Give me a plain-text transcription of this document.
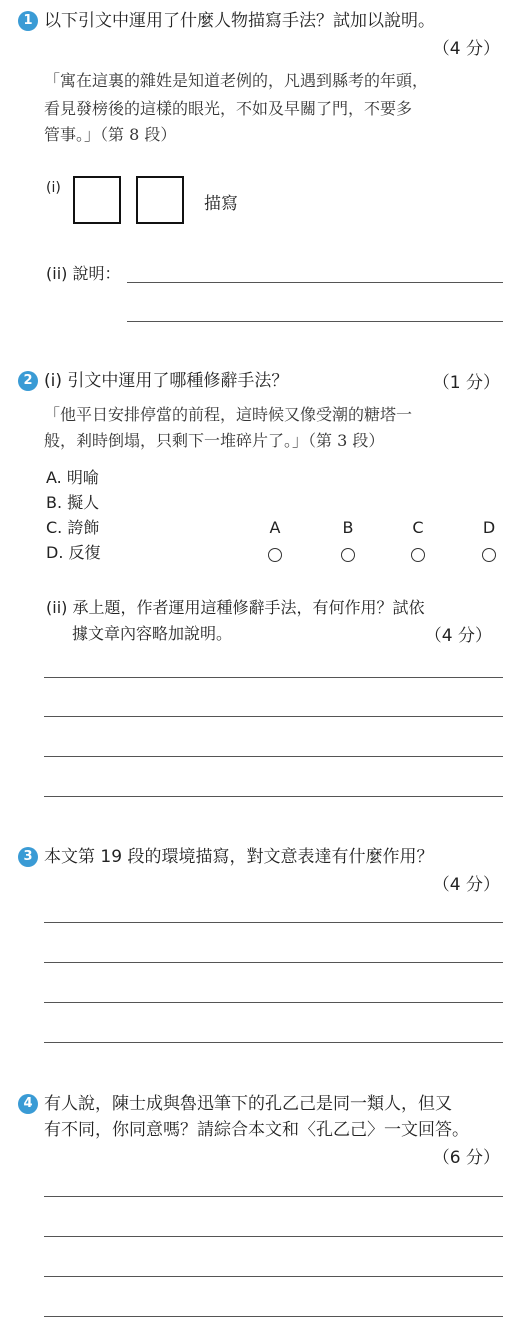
1 以下引文中運用了什麼人物描寫手法？試加以說明。
（4 分）
「寓在這裏的雜姓是知道老例的，凡遇到縣考的年頭，
看見發榜後的這樣的眼光，不如及早關了門，不要多
管事。」（第 8 段）
(i)
描寫
(ii) 說明：
2 (i) 引文中運用了哪種修辭手法？	（1 分）
「他平日安排停當的前程，這時候又像受潮的糖塔一
般，剎時倒塌，只剩下一堆碎片了。」（第 3 段）
A. 明喻
B. 擬人
C. 誇飾
D. 反復
A	B	C	D
(ii) 承上題，作者運用這種修辭手法，有何作用？試依
據文章內容略加說明。	（4 分）
3 本文第 19 段的環境描寫，對文意表達有什麼作用？
（4 分）
4 有人說，陳士成與魯迅筆下的孔乙己是同一類人，但又
有不同，你同意嗎？請綜合本文和〈孔乙己〉一文回答。
（6 分）
